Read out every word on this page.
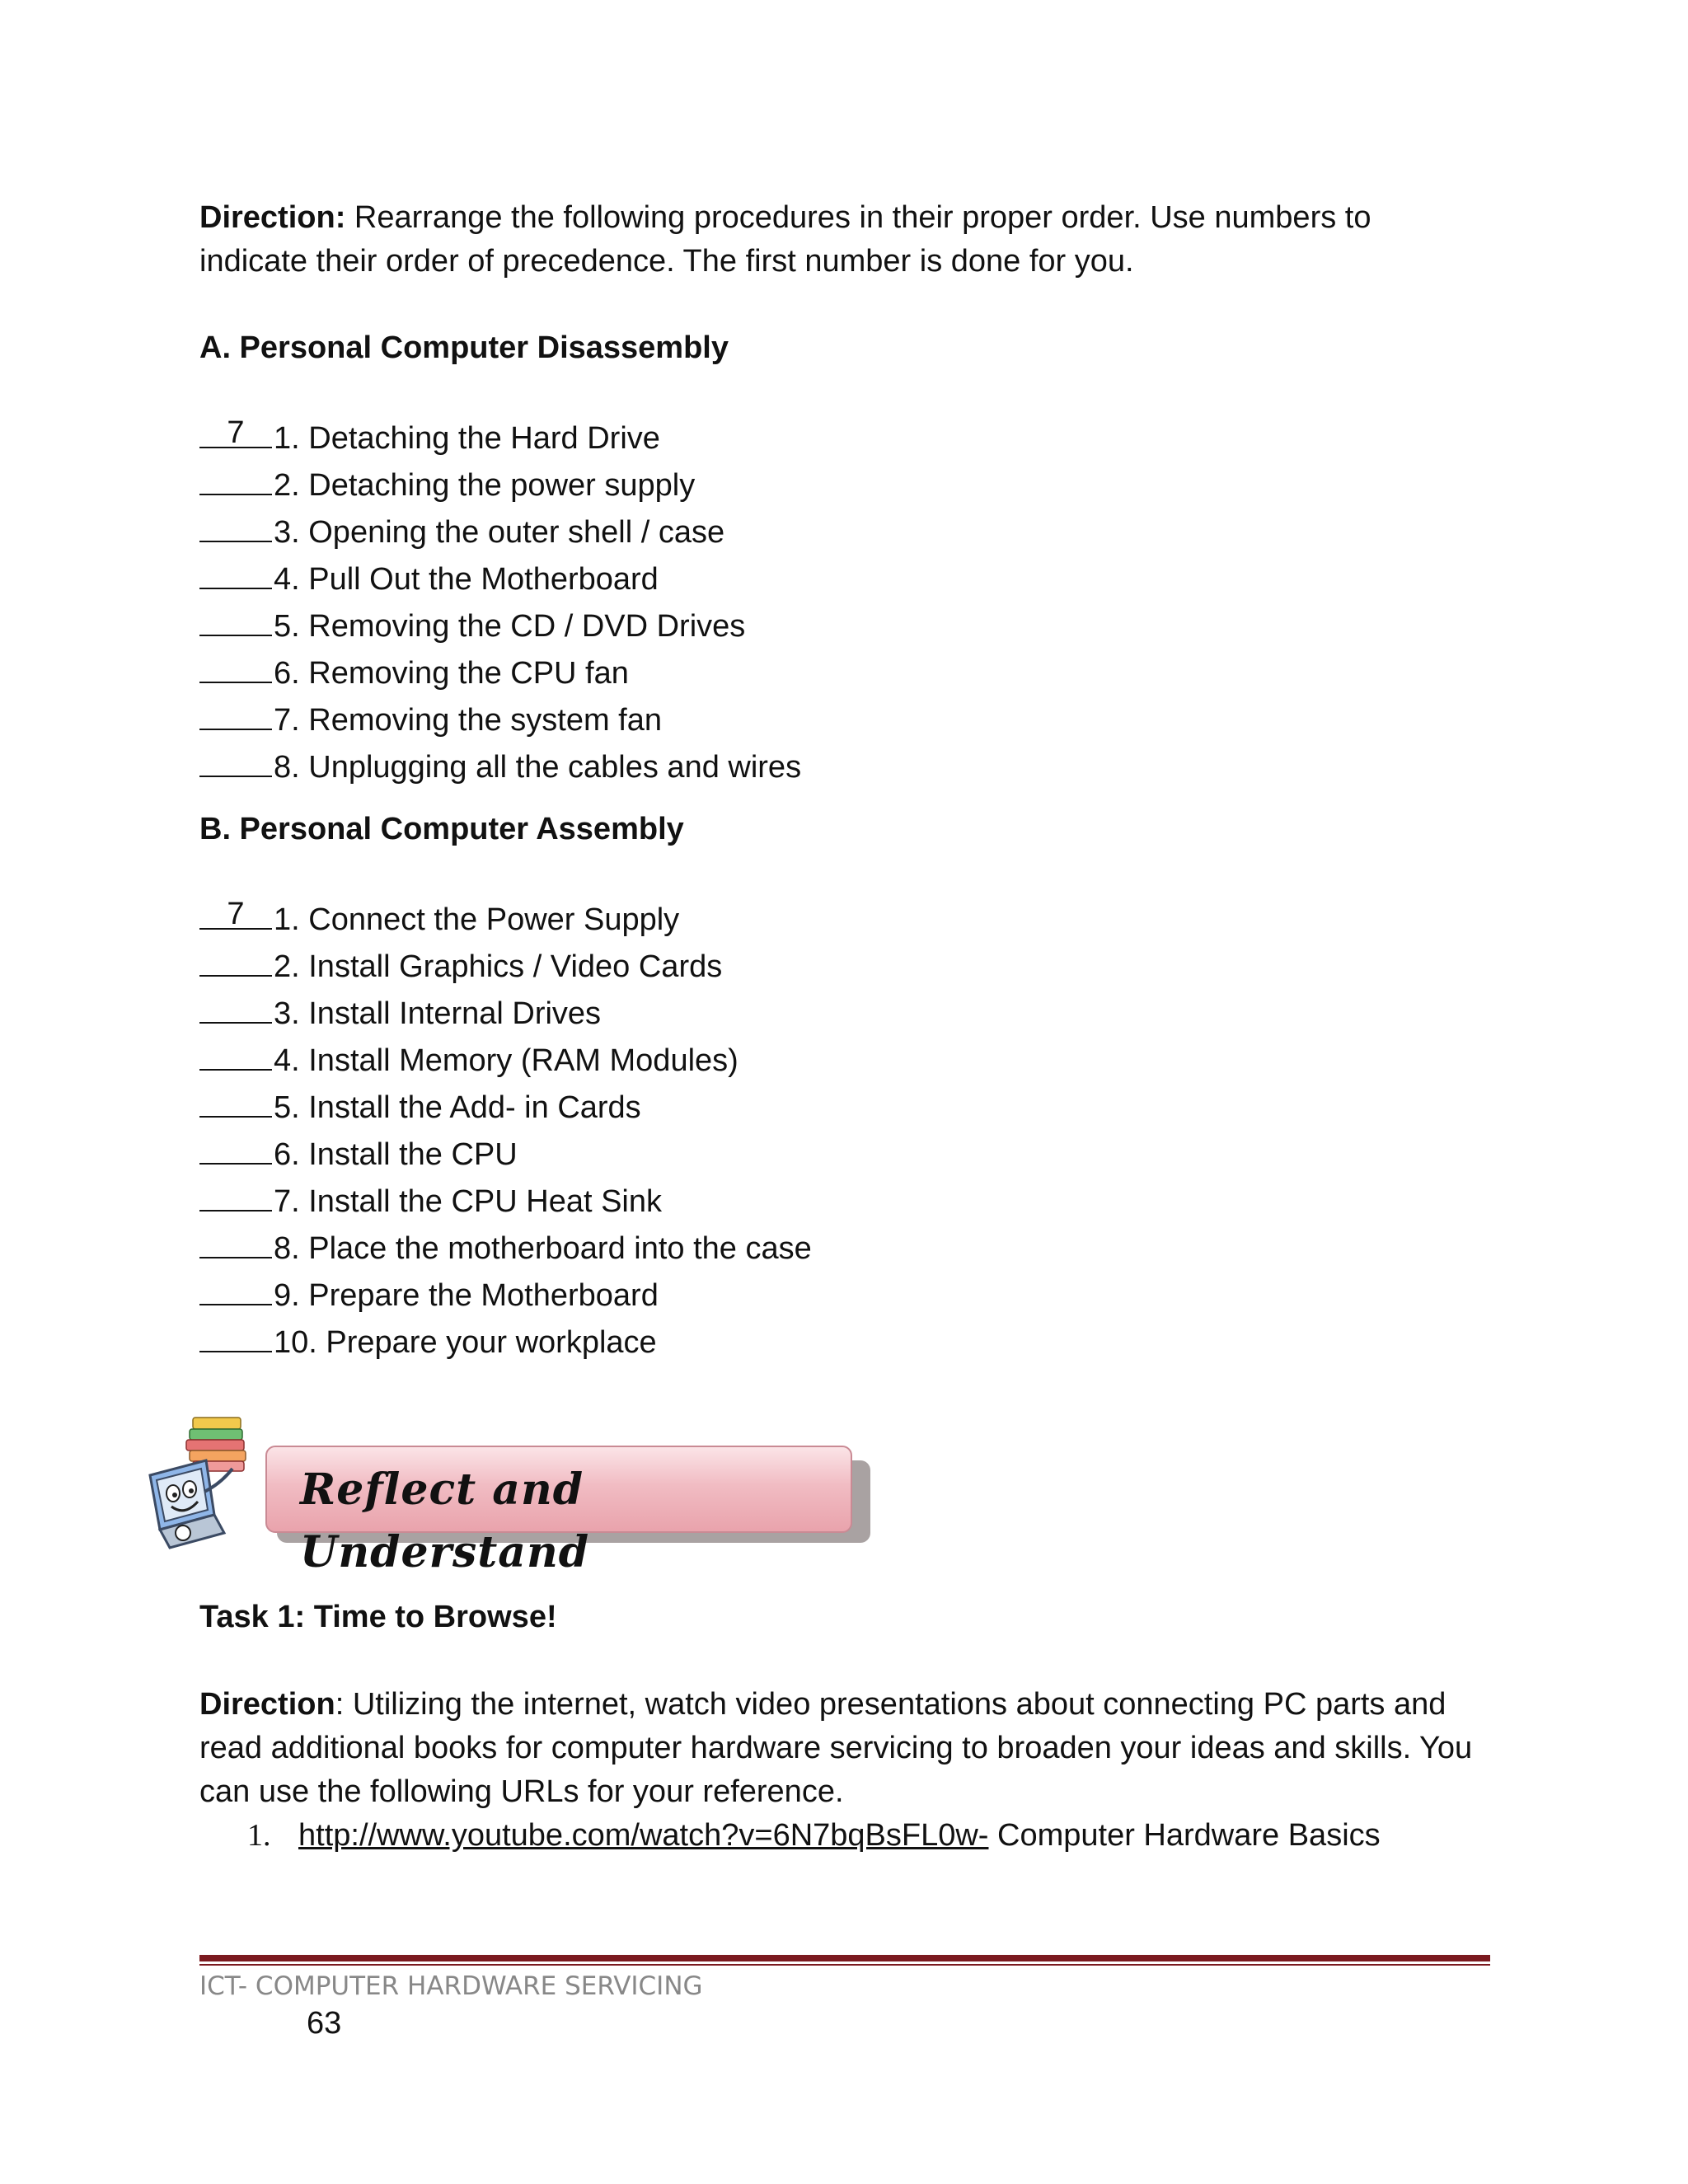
Direction: Rearrange the following procedures in their proper order. Use numbers to indicate their order of precedence. The first number is done for you.
A. Personal Computer Disassembly
7 1. Detaching the Hard Drive
2. Detaching the power supply
3. Opening the outer shell / case
4. Pull Out the Motherboard
5. Removing the CD / DVD Drives
6. Removing the CPU fan
7. Removing the system fan
8. Unplugging all the cables and wires
B. Personal Computer Assembly
7 1. Connect the Power Supply
2. Install Graphics / Video Cards
3. Install Internal Drives
4. Install Memory (RAM Modules)
5. Install the Add- in Cards
6. Install the CPU
7. Install the CPU Heat Sink
8. Place the motherboard into the case
9. Prepare the Motherboard
10. Prepare your workplace
Reflect and Understand
Task 1: Time to Browse!
Direction: Utilizing the internet, watch video presentations about connecting PC parts and read additional books for computer hardware servicing to broaden your ideas and skills. You can use the following URLs for your reference.
1. http://www.youtube.com/watch?v=6N7bqBsFL0w- Computer Hardware Basics
ICT- COMPUTER HARDWARE SERVICING
63
